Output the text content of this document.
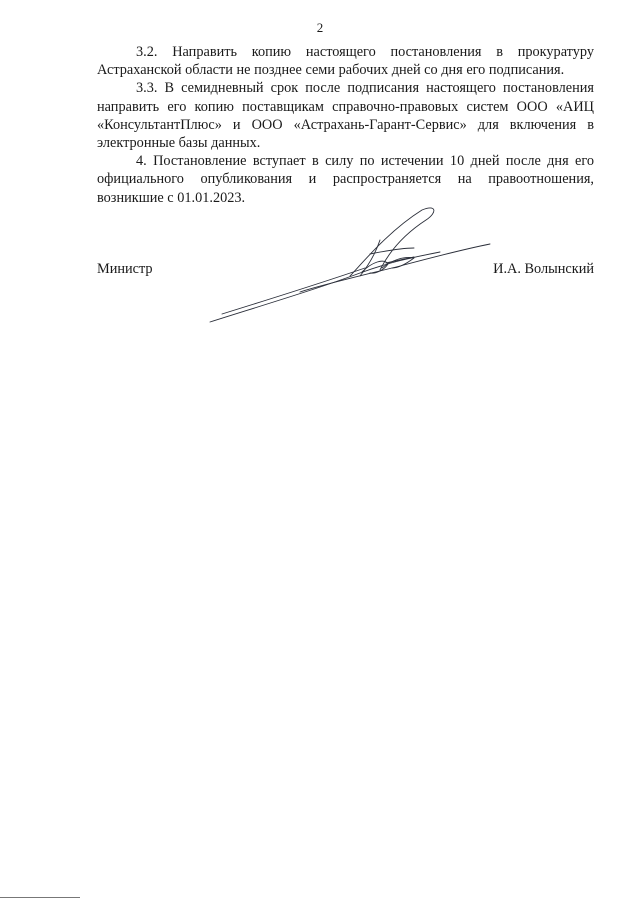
2

3.2. Направить копию настоящего постановления в прокуратуру Астраханской области не позднее семи рабочих дней со дня его подписания.

3.3. В семидневный срок после подписания настоящего постановления направить его копию поставщикам справочно-правовых систем ООО «АИЦ «КонсультантПлюс» и ООО «Астрахань-Гарант-Сервис» для включения в электронные базы данных.

4. Постановление вступает в силу по истечении 10 дней после дня его официального опубликования и распространяется на правоотношения, возникшие с 01.01.2023.

Министр	И.А. Волынский
